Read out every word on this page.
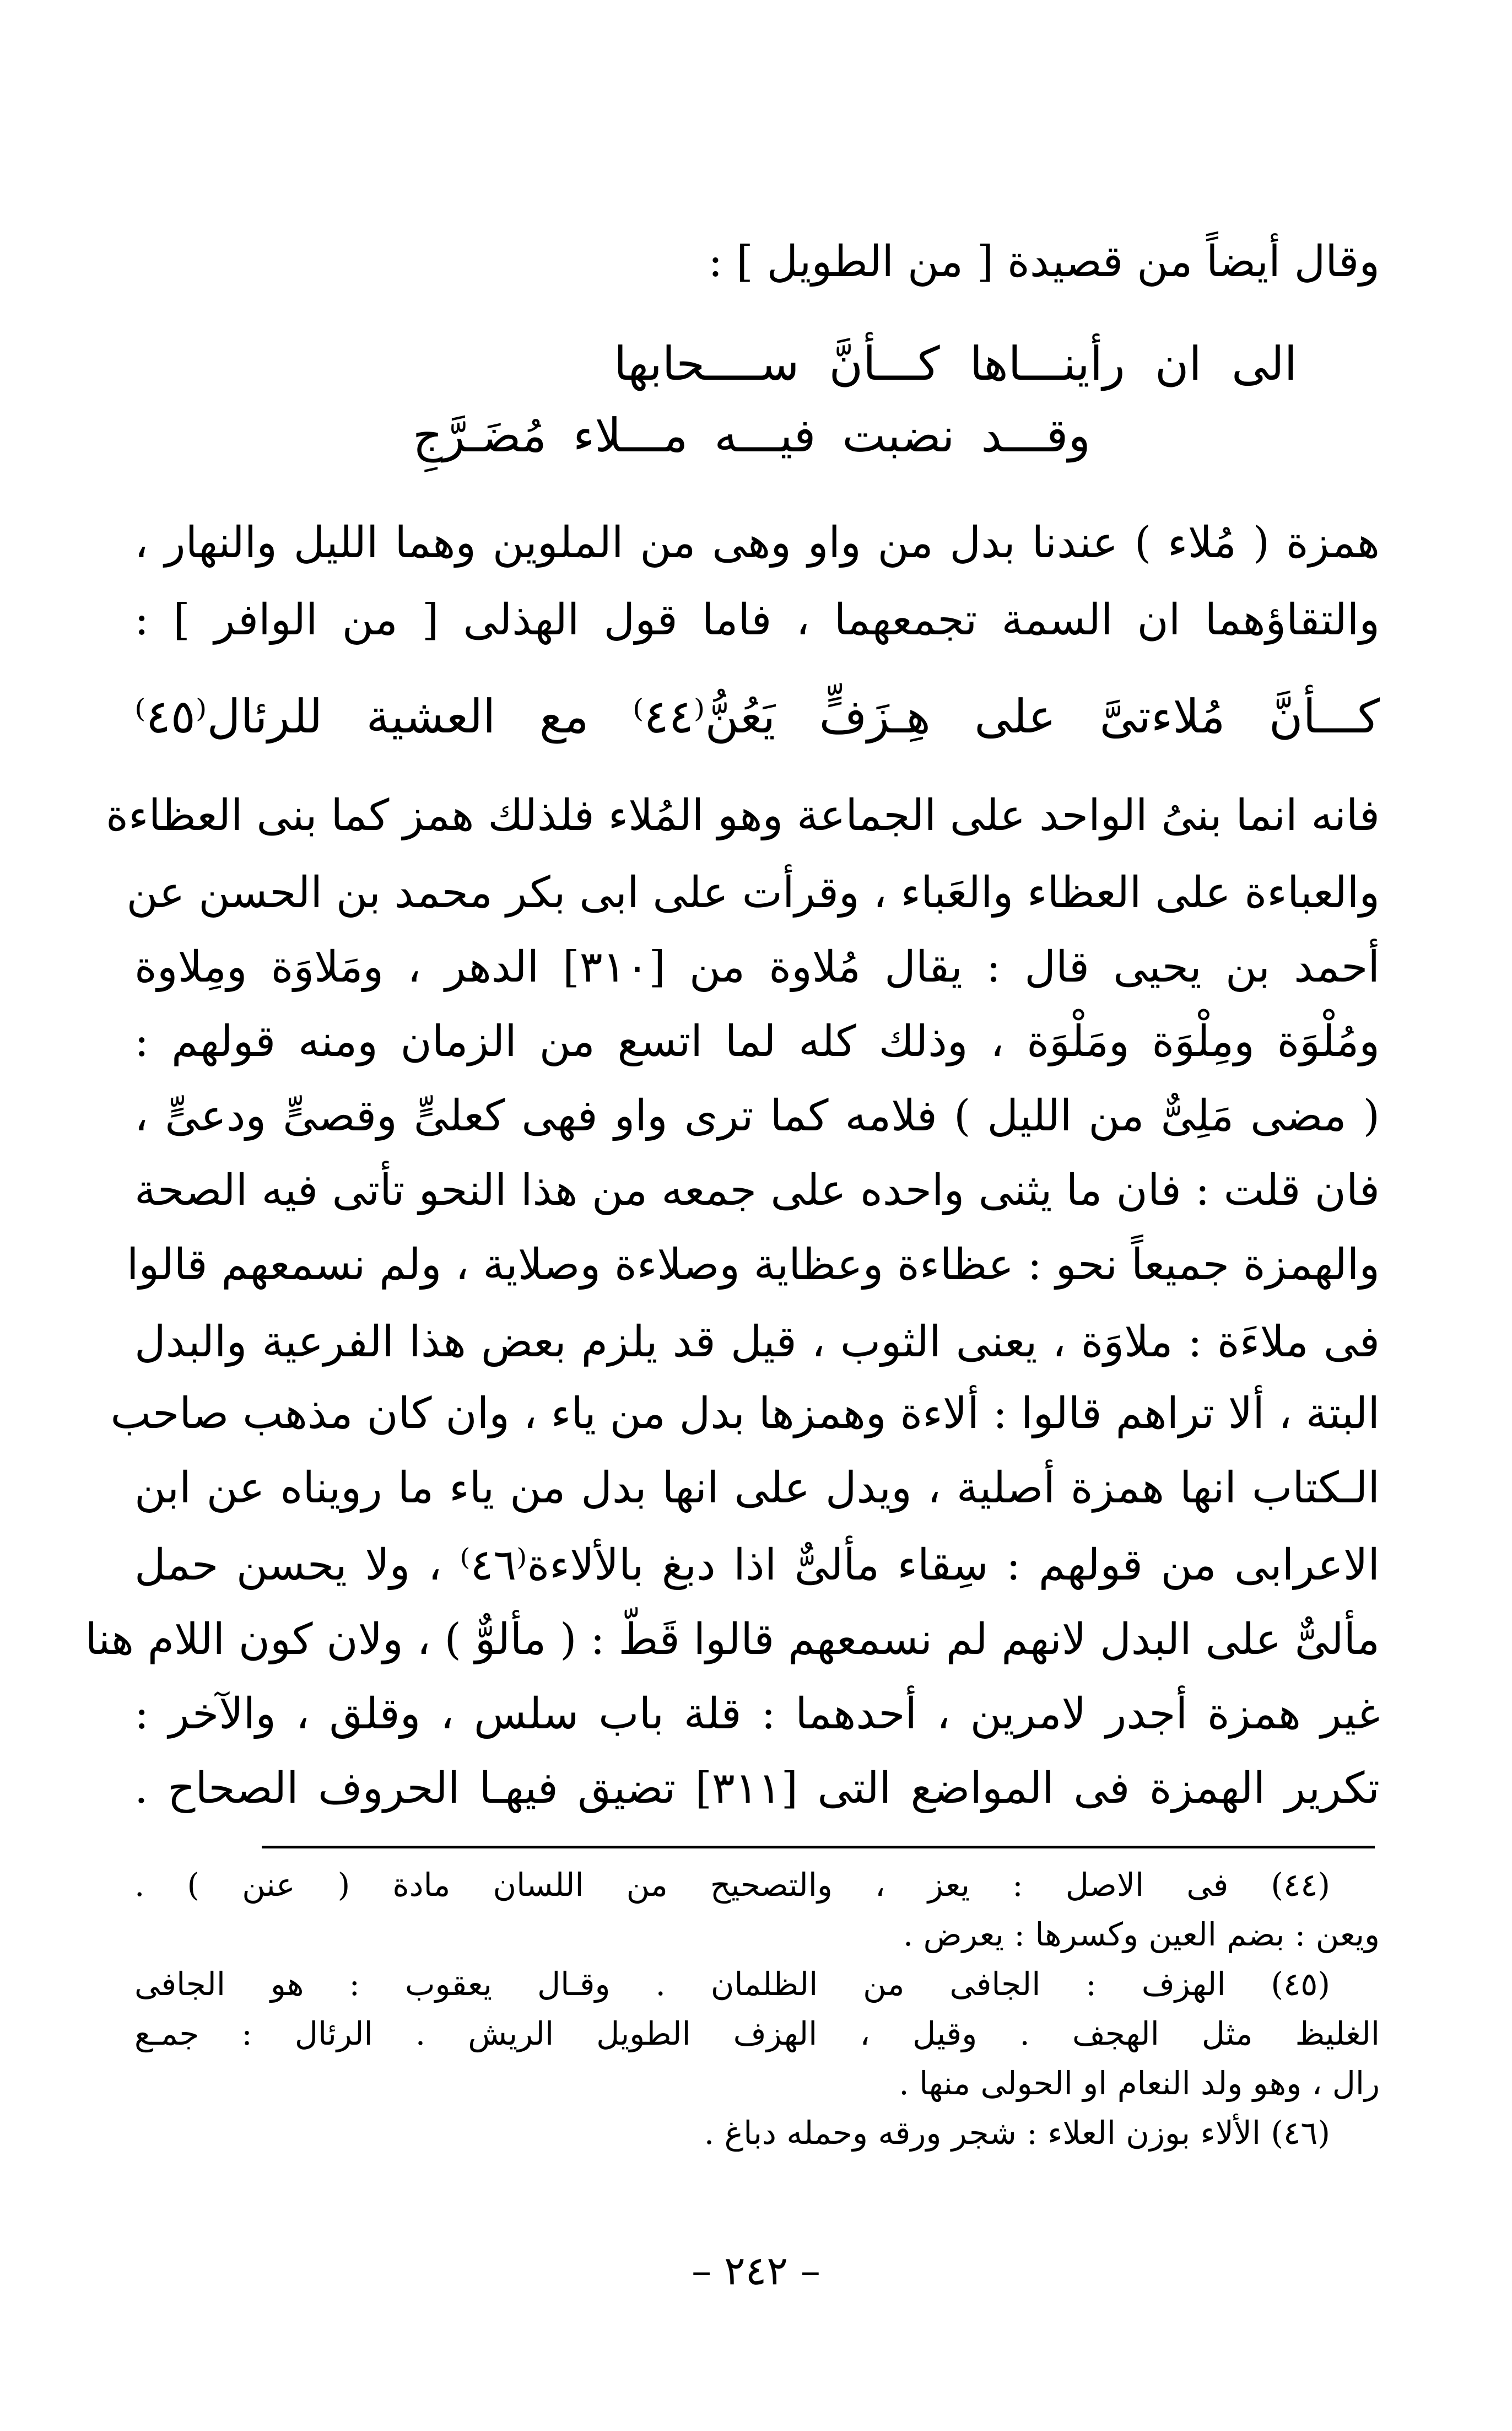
وقال أيضاً من قصيدة [ من الطويل ] :
الى ان رأينـــاها كـــأنَّ ســــحابها
وقـــد نضبت فيـــه مـــلاء مُضَـرَّجِ
همزة ( مُلاء ) عندنا بدل من واو وهى من الملوين وهما الليل والنهار ،
والتقاؤهما ان السمة تجمعهما ، فاما قول الهذلى [ من الوافر ] :
كـــأنَّ مُلاءتىَّ على هِـزَفٍّ يَعُنُّ⁽٤٤⁾ مع العشية للرئال⁽٤٥⁾
فانه انما بنىُ الواحد على الجماعة وهو المُلاء فلذلك همز كما بنى العظاءة
والعباءة على العظاء والعَباء ، وقرأت على ابى بكر محمد بن الحسن عن
أحمد بن يحيى قال : يقال مُلاوة من [٣١٠] الدهر ، ومَلاوَة ومِلاوة
ومُلْوَة ومِلْوَة ومَلْوَة ، وذلك كله لما اتسع من الزمان ومنه قولهم :
( مضى مَلِىٌّ من الليل ) فلامه كما ترى واو فهى كعلىٍّ وقصىٍّ ودعىٍّ ،
فان قلت : فان ما يثنى واحده على جمعه من هذا النحو تأتى فيه الصحة
والهمزة جميعاً نحو : عظاءة وعظاية وصلاءة وصلاية ، ولم نسمعهم قالوا
فى ملاءَة : ملاوَة ، يعنى الثوب ، قيل قد يلزم بعض هذا الفرعية والبدل
البتة ، ألا تراهم قالوا : ألاءة وهمزها بدل من ياء ، وان كان مذهب صاحب
الـكتاب انها همزة أصلية ، ويدل على انها بدل من ياء ما رويناه عن ابن
الاعرابى من قولهم : سِقاء مألىٌّ اذا دبغ بالألاءة⁽٤٦⁾ ، ولا يحسن حمل
مألىٌّ على البدل لانهم لم نسمعهم قالوا قَطّ : ( مألوٌّ ) ، ولان كون اللام هنا
غير همزة أجدر لامرين ، أحدهما : قلة باب سلس ، وقلق ، والآخر :
تكرير الهمزة فى المواضع التى [٣١١] تضيق فيهـا الحروف الصحاح .
(٤٤) فى الاصل : يعز ، والتصحيح من اللسان مادة ( عنن ) .
ويعن : بضم العين وكسرها : يعرض .
(٤٥) الهزف : الجافى من الظلمان . وقـال يعقوب : هو الجافى
الغليظ مثل الهجف . وقيل ، الهزف الطويل الريش . الرئال : جمـع
رال ، وهو ولد النعام او الحولى منها .
(٤٦) الألاء بوزن العلاء : شجر ورقه وحمله دباغ .
– ٢٤٢ –
